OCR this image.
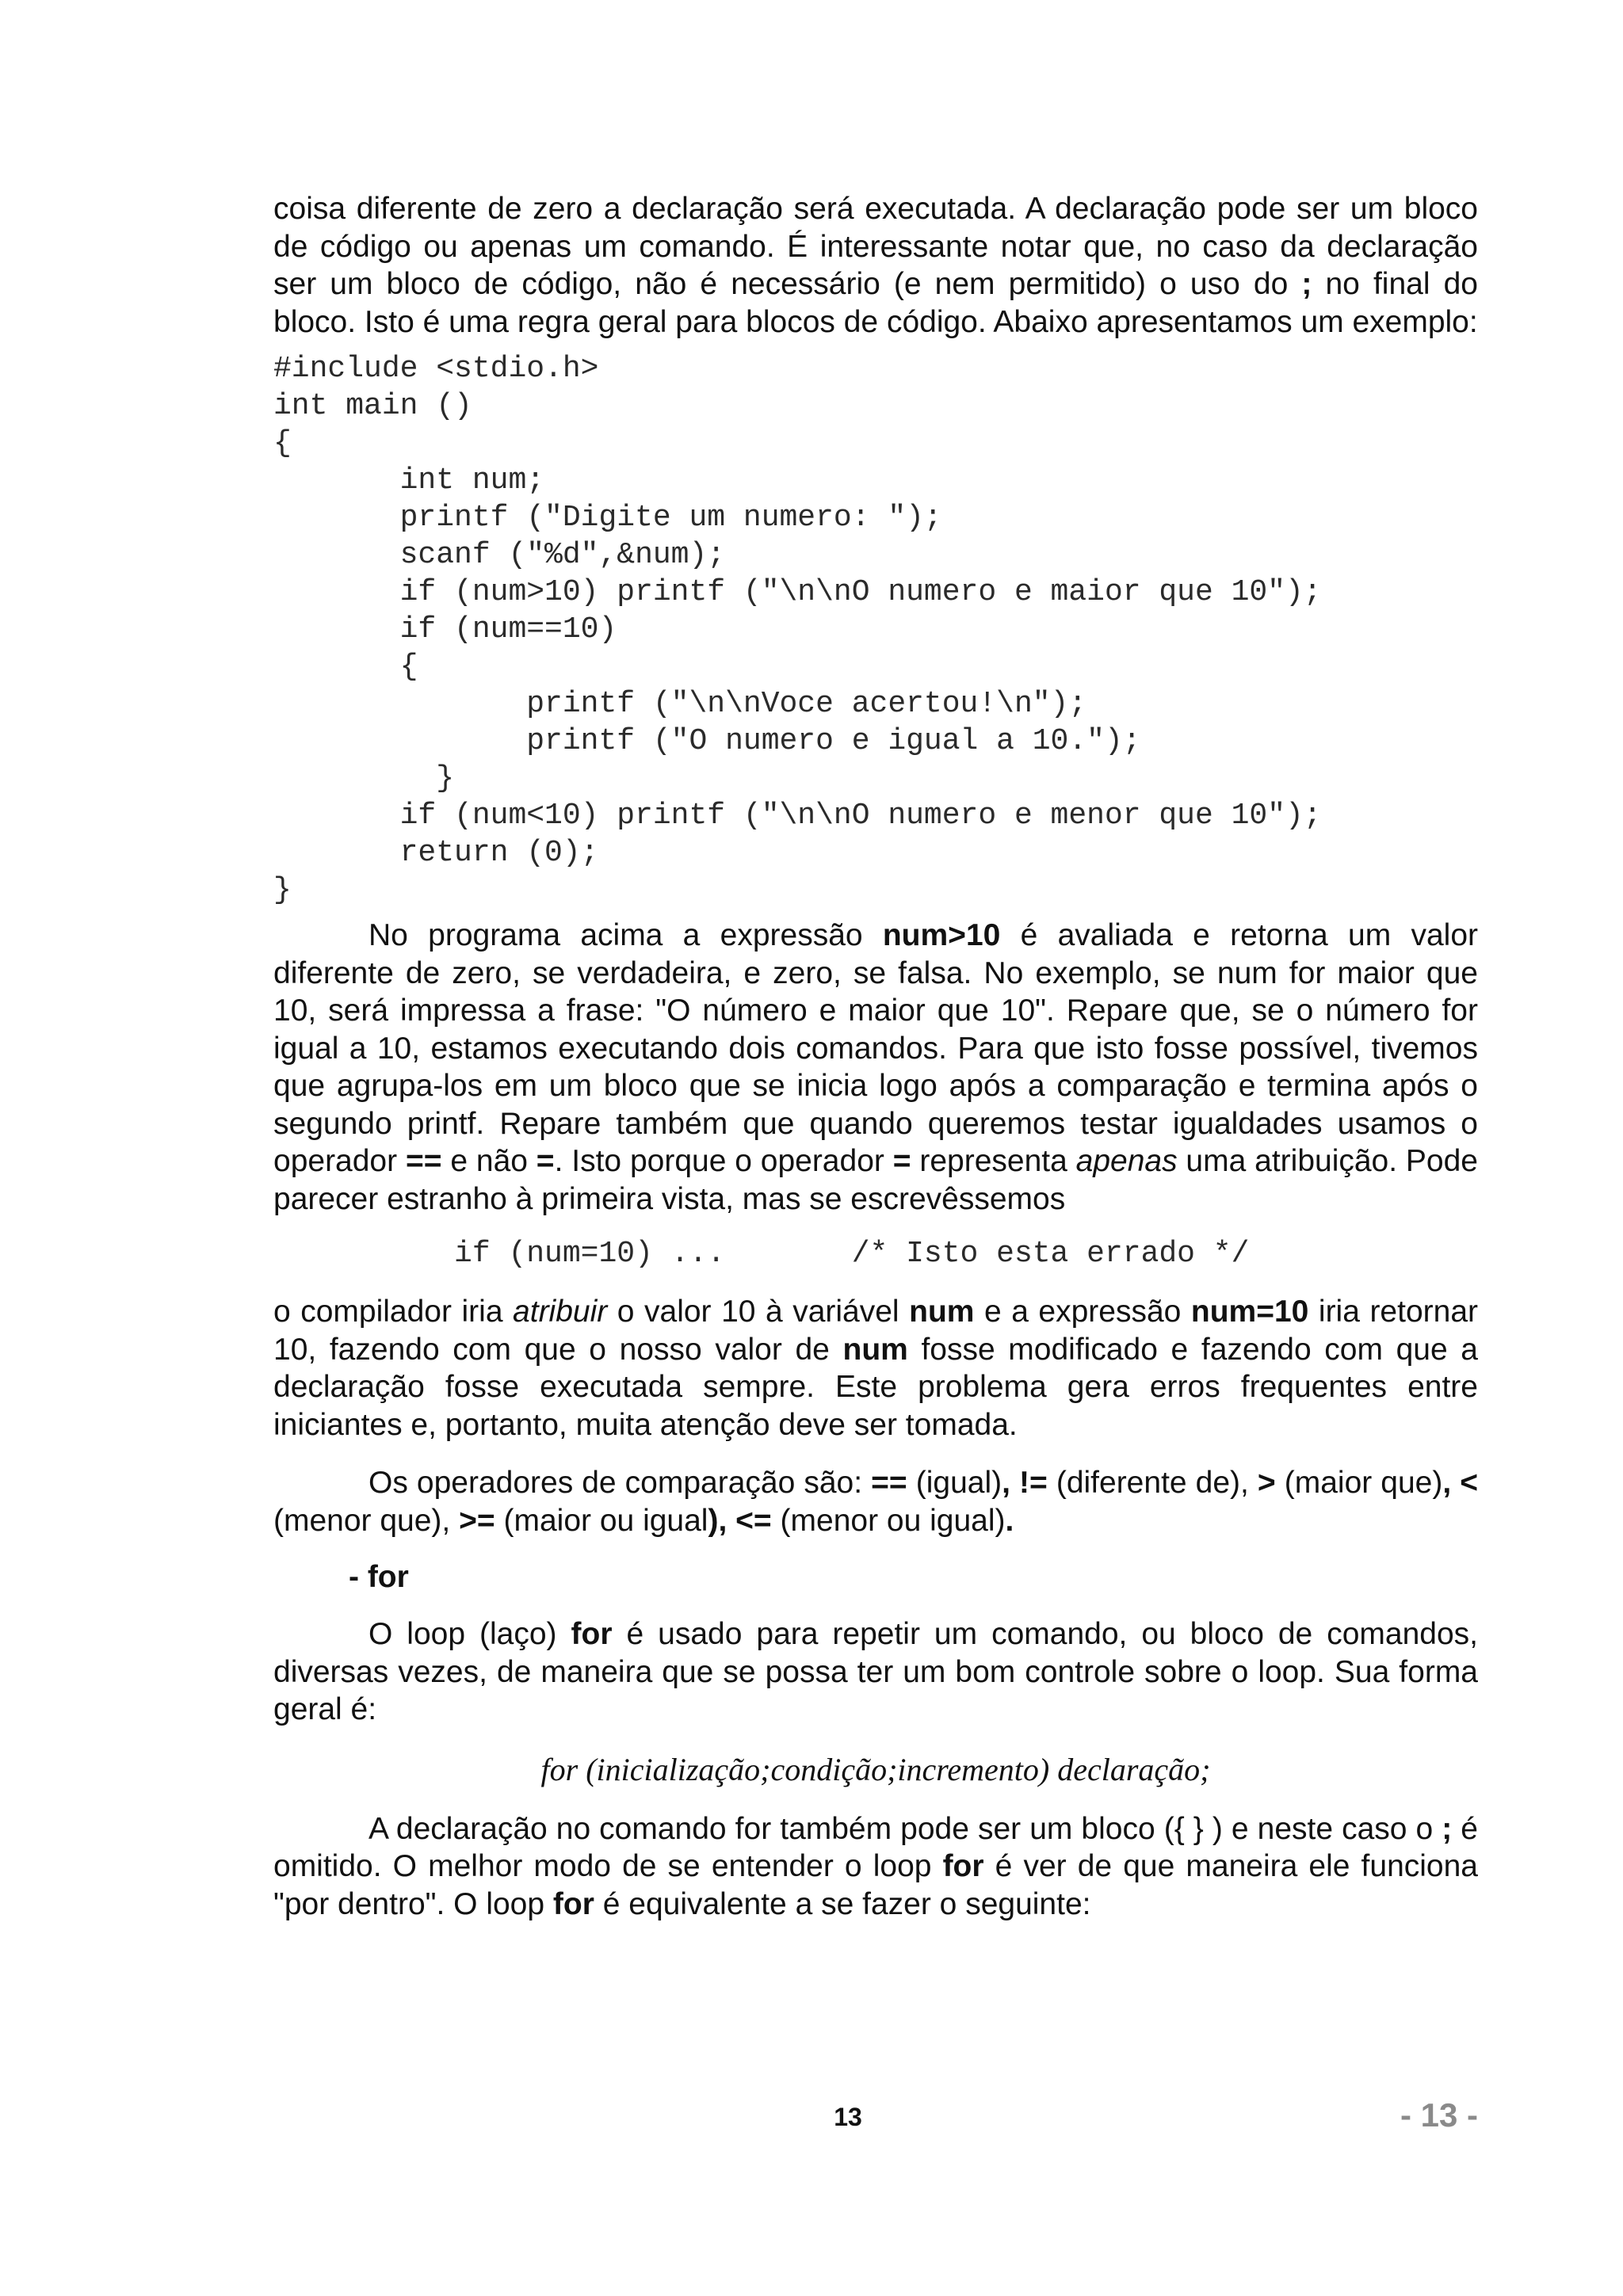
coisa diferente de zero a declaração será executada. A declaração pode ser um bloco de código ou apenas um comando. É interessante notar que, no caso da declaração ser um bloco de código, não é necessário (e nem permitido) o uso do ; no final do bloco. Isto é uma regra geral para blocos de código. Abaixo apresentamos um exemplo:

#include <stdio.h>
int main ()
{
int num;
printf ("Digite um numero: ");
scanf ("%d",&num);
if (num>10) printf ("\n\nO numero e maior que 10");
if (num==10)
{
printf ("\n\nVoce acertou!\n");
printf ("O numero e igual a 10.");
}
if (num<10) printf ("\n\nO numero e menor que 10");
return (0);
}

No programa acima a expressão num>10 é avaliada e retorna um valor diferente de zero, se verdadeira, e zero, se falsa. No exemplo, se num for maior que 10, será impressa a frase: "O número e maior que 10". Repare que, se o número for igual a 10, estamos executando dois comandos. Para que isto fosse possível, tivemos que agrupa-los em um bloco que se inicia logo após a comparação e termina após o segundo printf. Repare também que quando queremos testar igualdades usamos o operador == e não =. Isto porque o operador = representa apenas uma atribuição. Pode parecer estranho à primeira vista, mas se escrevêssemos

if (num=10) ...       /* Isto esta errado */

o compilador iria atribuir o valor 10 à variável num e a expressão num=10 iria retornar 10, fazendo com que o nosso valor de num fosse modificado e fazendo com que a declaração fosse executada sempre. Este problema gera erros frequentes entre iniciantes e, portanto, muita atenção deve ser tomada.

Os operadores de comparação são: == (igual), != (diferente de), > (maior que), < (menor que), >= (maior ou igual), <= (menor ou igual).

- for

O loop (laço) for é usado para repetir um comando, ou bloco de comandos, diversas vezes, de maneira que se possa ter um bom controle sobre o loop. Sua forma geral é:

for (inicialização;condição;incremento) declaração;

A declaração no comando for também pode ser um bloco ({ } ) e neste caso o ; é omitido. O melhor modo de se entender o loop for é ver de que maneira ele funciona "por dentro". O loop for é equivalente a se fazer o seguinte:

13	- 13 -
